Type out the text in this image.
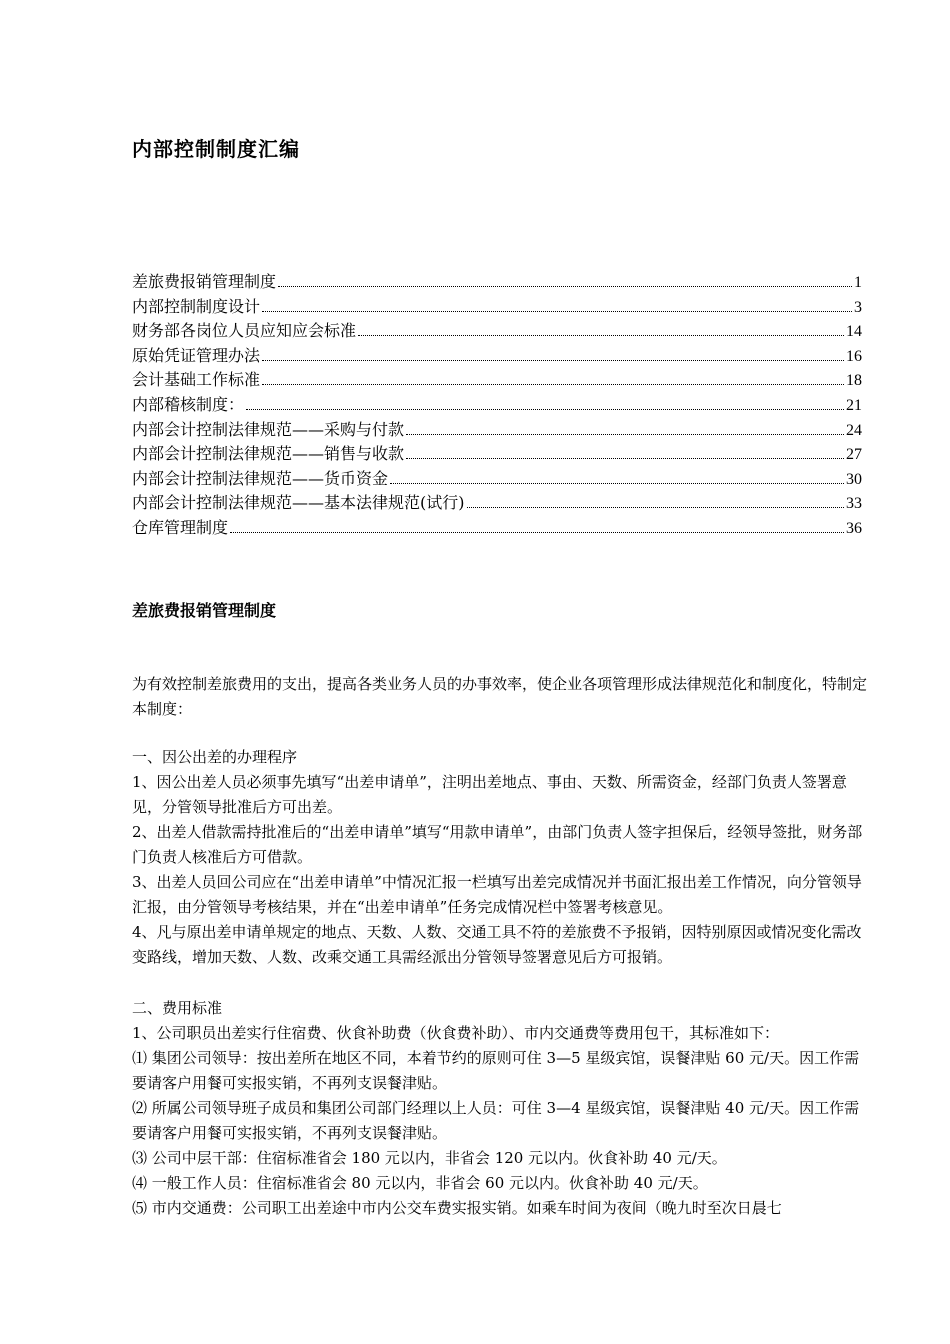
内部控制制度汇编
差旅费报销管理制度	1
内部控制制度设计	3
财务部各岗位人员应知应会标准	14
原始凭证管理办法	16
会计基础工作标准	18
内部稽核制度：	21
内部会计控制法律规范——采购与付款	24
内部会计控制法律规范——销售与收款	27
内部会计控制法律规范——货币资金	30
内部会计控制法律规范——基本法律规范(试行)	33
仓库管理制度	36
差旅费报销管理制度

为有效控制差旅费用的支出，提高各类业务人员的办事效率，使企业各项管理形成法律规范化和制度化，特制定本制度：

一、因公出差的办理程序

1、因公出差人员必须事先填写“出差申请单”，注明出差地点、事由、天数、所需资金，经部门负责人签署意见，分管领导批准后方可出差。

2、出差人借款需持批准后的“出差申请单”填写“用款申请单”，由部门负责人签字担保后，经领导签批，财务部门负责人核准后方可借款。

3、出差人员回公司应在“出差申请单”中情况汇报一栏填写出差完成情况并书面汇报出差工作情况，向分管领导汇报，由分管领导考核结果，并在“出差申请单”任务完成情况栏中签署考核意见。

4、凡与原出差申请单规定的地点、天数、人数、交通工具不符的差旅费不予报销，因特别原因或情况变化需改变路线，增加天数、人数、改乘交通工具需经派出分管领导签署意见后方可报销。

二、费用标准

1、公司职员出差实行住宿费、伙食补助费（伙食费补助）、市内交通费等费用包干，其标准如下：

⑴ 集团公司领导：按出差所在地区不同，本着节约的原则可住 3—5 星级宾馆，误餐津贴 60 元/天。因工作需要请客户用餐可实报实销，不再列支误餐津贴。

⑵ 所属公司领导班子成员和集团公司部门经理以上人员：可住 3—4 星级宾馆，误餐津贴 40 元/天。因工作需要请客户用餐可实报实销，不再列支误餐津贴。

⑶ 公司中层干部：住宿标准省会 180 元以内，非省会 120 元以内。伙食补助 40 元/天。

⑷ 一般工作人员：住宿标准省会 80 元以内，非省会 60 元以内。伙食补助 40 元/天。

⑸ 市内交通费：公司职工出差途中市内公交车费实报实销。如乘车时间为夜间（晚九时至次日晨七
